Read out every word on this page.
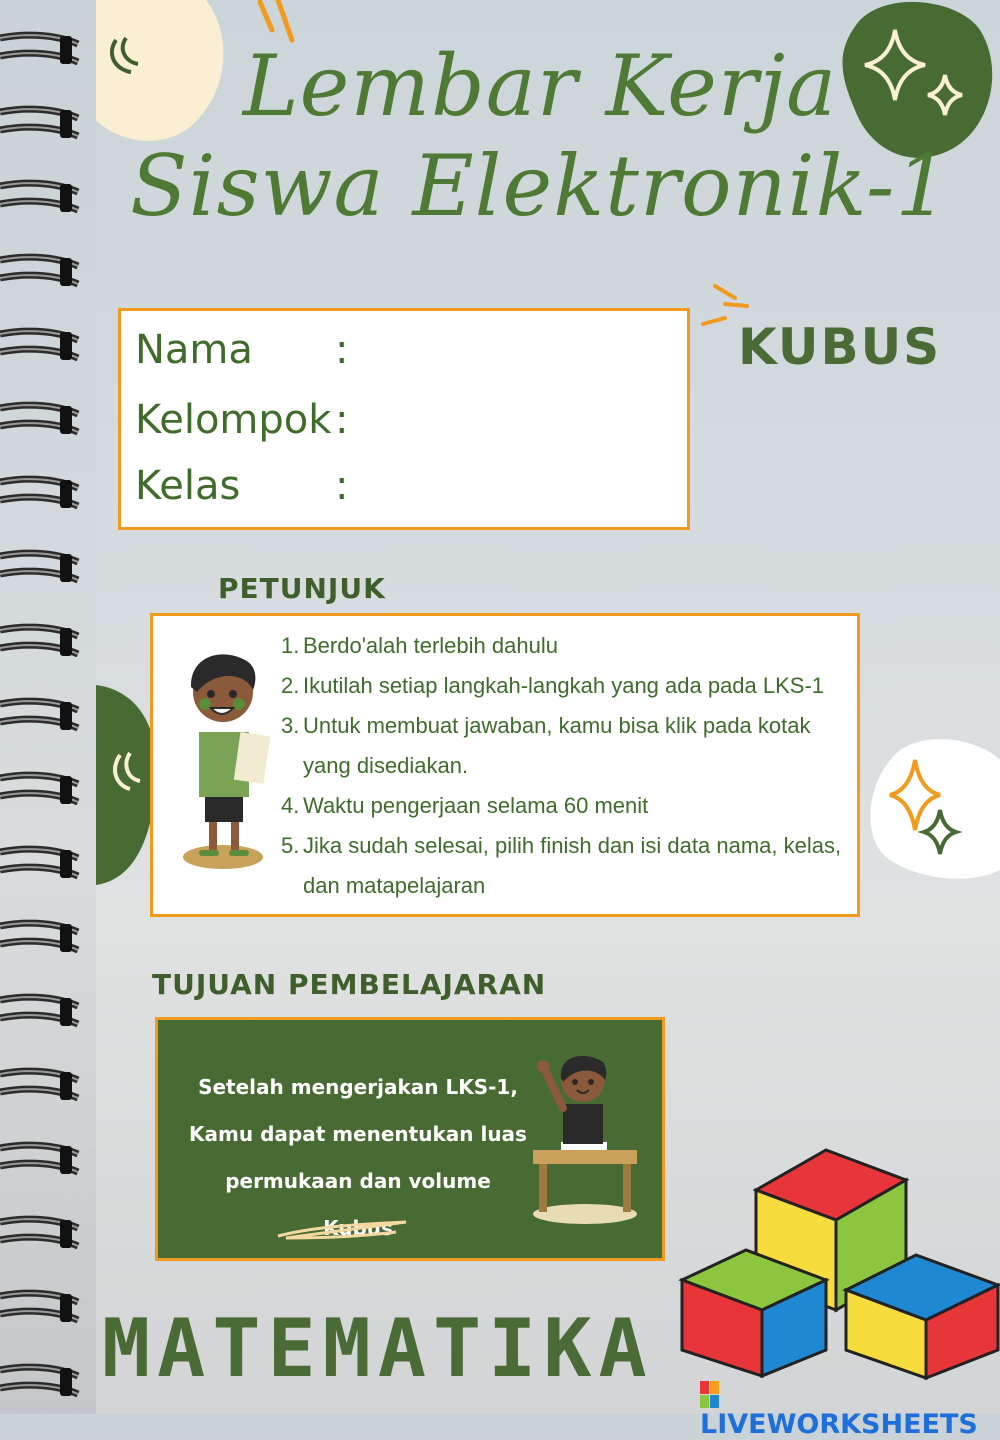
Lembar Kerja
Siswa Elektronik-1
Nama :
Kelompok :
Kelas :
KUBUS
PETUNJUK
1. Berdo'alah terlebih dahulu
2. Ikutilah setiap langkah-langkah yang ada pada LKS-1
3. Untuk membuat jawaban, kamu bisa klik pada kotak yang disediakan.
4. Waktu pengerjaan selama 60 menit
5. Jika sudah selesai, pilih finish dan isi data nama, kelas, dan matapelajaran
TUJUAN PEMBELAJARAN
Setelah mengerjakan LKS-1,
Kamu dapat menentukan luas
permukaan dan volume Kubus
MATEMATIKA
LIVEWORKSHEETS
